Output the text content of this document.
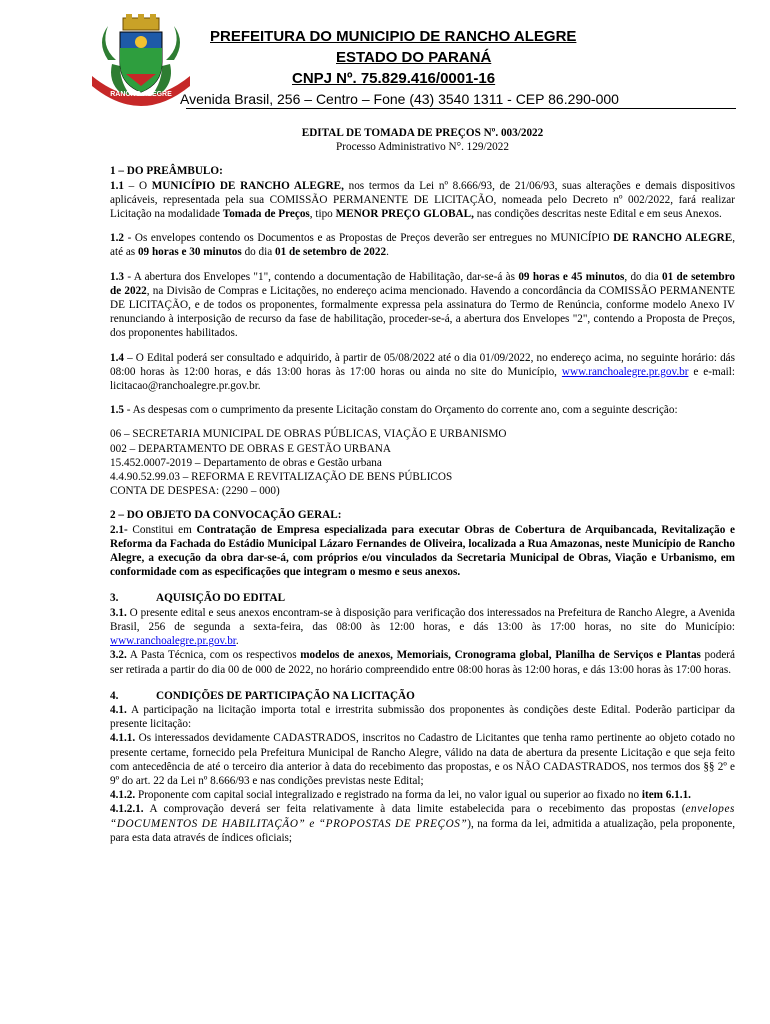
RANCHO ALEGRE
PREFEITURA DO MUNICIPIO DE RANCHO ALEGRE
ESTADO DO PARANÁ
CNPJ Nº. 75.829.416/0001-16
Avenida Brasil, 256 – Centro – Fone (43) 3540 1311 - CEP 86.290-000
EDITAL DE TOMADA DE PREÇOS Nº. 003/2022
Processo Administrativo N°. 129/2022
1 – DO PREÂMBULO:

1.1 – O MUNICÍPIO DE RANCHO ALEGRE, nos termos da Lei nº 8.666/93, de 21/06/93, suas alterações e demais dispositivos aplicáveis, representada pela sua COMISSÃO PERMANENTE DE LICITAÇÃO, nomeada pelo Decreto nº 002/2022, fará realizar Licitação na modalidade Tomada de Preços, tipo MENOR PREÇO GLOBAL, nas condições descritas neste Edital e em seus Anexos.

1.2 - Os envelopes contendo os Documentos e as Propostas de Preços deverão ser entregues no MUNICÍPIO DE RANCHO ALEGRE, até as 09 horas e 30 minutos do dia 01 de setembro de 2022.

1.3 - A abertura dos Envelopes "1", contendo a documentação de Habilitação, dar-se-á às 09 horas e 45 minutos, do dia 01 de setembro de 2022, na Divisão de Compras e Licitações, no endereço acima mencionado. Havendo a concordância da COMISSÃO PERMANENTE DE LICITAÇÃO, e de todos os proponentes, formalmente expressa pela assinatura do Termo de Renúncia, conforme modelo Anexo IV renunciando à interposição de recurso da fase de habilitação, proceder-se-á, a abertura dos Envelopes "2", contendo a Proposta de Preços, dos proponentes habilitados.

1.4 – O Edital poderá ser consultado e adquirido, à partir de 05/08/2022 até o dia 01/09/2022, no endereço acima, no seguinte horário: dás 08:00 horas às 12:00 horas, e dás 13:00 horas às 17:00 horas ou ainda no site do Município, www.ranchoalegre.pr.gov.br e e-mail: licitacao@ranchoalegre.pr.gov.br.

1.5 - As despesas com o cumprimento da presente Licitação constam do Orçamento do corrente ano, com a seguinte descrição:

06 – SECRETARIA MUNICIPAL DE OBRAS PÚBLICAS, VIAÇÃO E URBANISMO
002 – DEPARTAMENTO DE OBRAS E GESTÃO URBANA
15.452.0007-2019 – Departamento de obras e Gestão urbana
4.4.90.52.99.03 – REFORMA E REVITALIZAÇÃO DE BENS PÚBLICOS
CONTA DE DESPESA: (2290 – 000)
2 – DO OBJETO DA CONVOCAÇÃO GERAL:

2.1- Constitui em Contratação de Empresa especializada para executar Obras de Cobertura de Arquibancada, Revitalização e Reforma da Fachada do Estádio Municipal Lázaro Fernandes de Oliveira, localizada a Rua Amazonas, neste Município de Rancho Alegre, a execução da obra dar-se-á, com próprios e/ou vinculados da Secretaria Municipal de Obras, Viação e Urbanismo, em conformidade com as especificações que integram o mesmo e seus anexos.

3.	AQUISIÇÃO DO EDITAL

3.1. O presente edital e seus anexos encontram-se à disposição para verificação dos interessados na Prefeitura de Rancho Alegre, a Avenida Brasil, 256 de segunda a sexta-feira, das 08:00 às 12:00 horas, e dás 13:00 às 17:00 horas, no site do Município: www.ranchoalegre.pr.gov.br.

3.2. A Pasta Técnica, com os respectivos modelos de anexos, Memoriais, Cronograma global, Planilha de Serviços e Plantas poderá ser retirada a partir do dia 00 de 000 de 2022, no horário compreendido entre 08:00 horas às 12:00 horas, e dás 13:00 horas às 17:00 horas.

4.	CONDIÇÕES DE PARTICIPAÇÃO NA LICITAÇÃO

4.1. A participação na licitação importa total e irrestrita submissão dos proponentes às condições deste Edital. Poderão participar da presente licitação:

4.1.1. Os interessados devidamente CADASTRADOS, inscritos no Cadastro de Licitantes que tenha ramo pertinente ao objeto cotado no presente certame, fornecido pela Prefeitura Municipal de Rancho Alegre, válido na data de abertura da presente Licitação e que seja feito com antecedência de até o terceiro dia anterior à data do recebimento das propostas, e os NÃO CADASTRADOS, nos termos dos §§ 2º e 9º do art. 22 da Lei nº 8.666/93 e nas condições previstas neste Edital;

4.1.2. Proponente com capital social integralizado e registrado na forma da lei, no valor igual ou superior ao fixado no item 6.1.1.

4.1.2.1. A comprovação deverá ser feita relativamente à data limite estabelecida para o recebimento das propostas (envelopes “DOCUMENTOS DE HABILITAÇÃO” e “PROPOSTAS DE PREÇOS”), na forma da lei, admitida a atualização, pela proponente, para esta data através de índices oficiais;
